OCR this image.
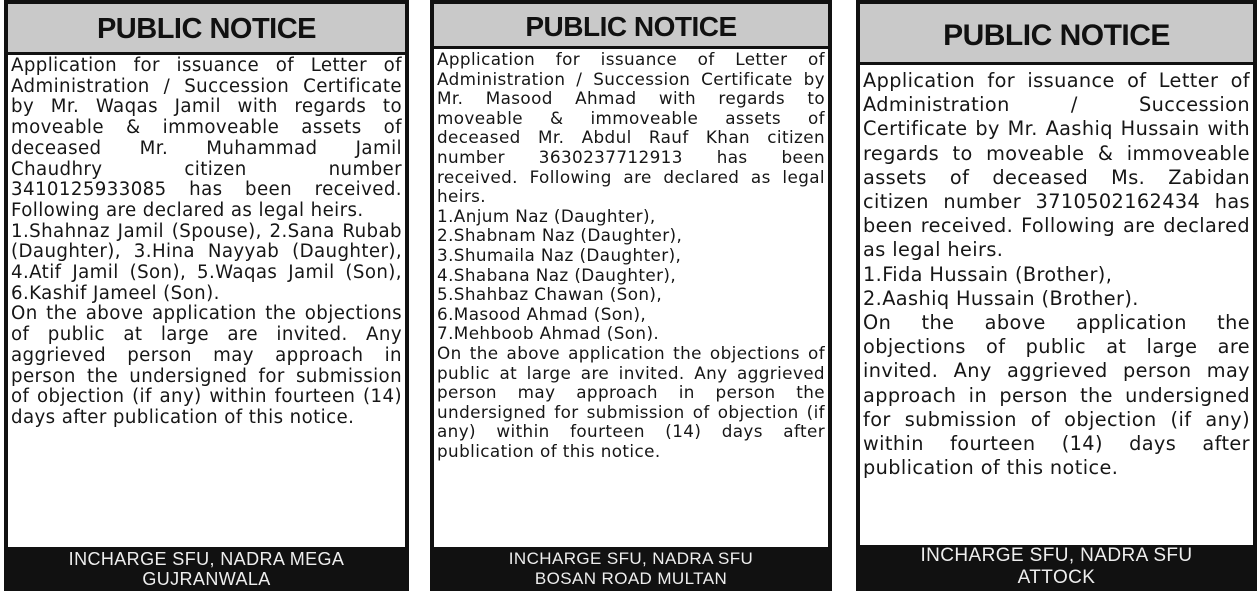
PUBLIC NOTICE

Application for issuance of Letter of Administration / Succession Certificate by Mr. Waqas Jamil with regards to moveable & immoveable assets of deceased Mr. Muhammad Jamil Chaudhry citizen number 3410125933085 has been received. Following are declared as legal heirs.

1.Shahnaz Jamil (Spouse), 2.Sana Rubab (Daughter), 3.Hina Nayyab (Daughter), 4.Atif Jamil (Son), 5.Waqas Jamil (Son), 6.Kashif Jameel (Son).

On the above application the objections of public at large are invited. Any aggrieved person may approach in person the undersigned for submission of objection (if any) within fourteen (14) days after publication of this notice.

INCHARGE SFU, NADRA MEGA
GUJRANWALA
PUBLIC NOTICE

Application for issuance of Letter of Administration / Succession Certificate by Mr. Masood Ahmad with regards to moveable & immoveable assets of deceased Mr. Abdul Rauf Khan citizen number 3630237712913 has been received. Following are declared as legal heirs.

1.Anjum Naz (Daughter),

2.Shabnam Naz (Daughter),

3.Shumaila Naz (Daughter),

4.Shabana Naz (Daughter),

5.Shahbaz Chawan (Son),

6.Masood Ahmad (Son),

7.Mehboob Ahmad (Son).

On the above application the objections of public at large are invited. Any aggrieved person may approach in person the undersigned for submission of objection (if any) within fourteen (14) days after publication of this notice.

INCHARGE SFU, NADRA SFU
BOSAN ROAD MULTAN
PUBLIC NOTICE

Application for issuance of Letter of Administration / Succession Certificate by Mr. Aashiq Hussain with regards to moveable & immoveable assets of deceased Ms. Zabidan citizen number 3710502162434 has been received. Following are declared as legal heirs.

1.Fida Hussain (Brother),

2.Aashiq Hussain (Brother).

On the above application the objections of public at large are invited. Any aggrieved person may approach in person the undersigned for submission of objection (if any) within fourteen (14) days after publication of this notice.

INCHARGE SFU, NADRA SFU
ATTOCK
